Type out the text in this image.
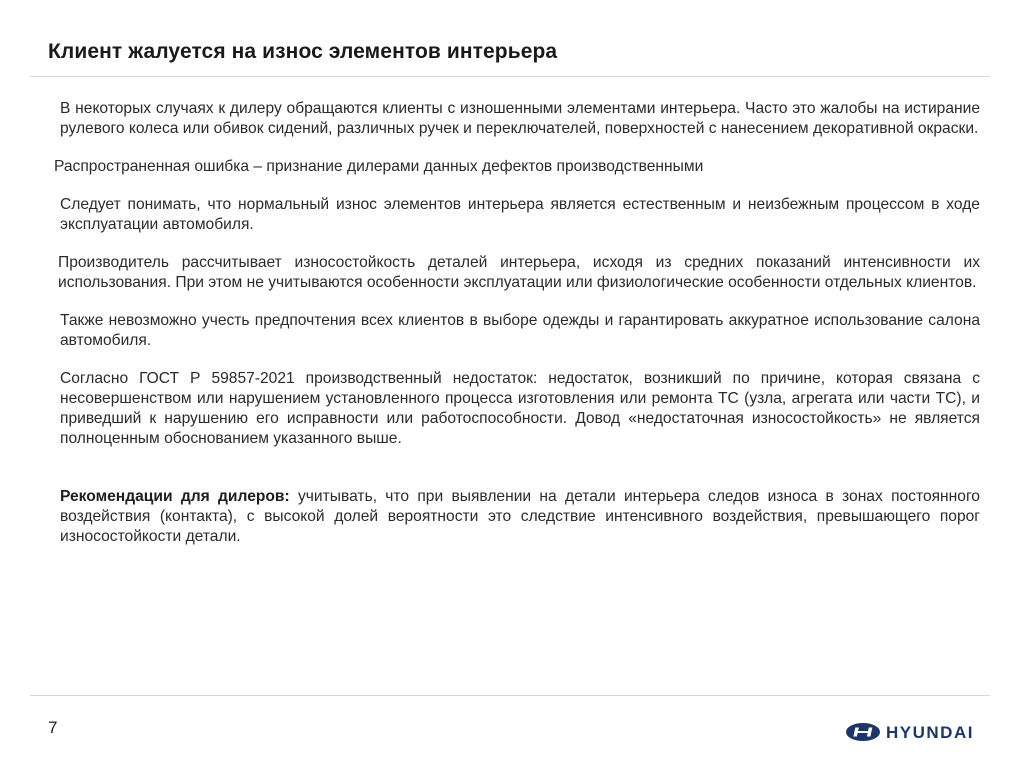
Клиент жалуется на износ элементов интерьера

В некоторых случаях к дилеру обращаются клиенты с изношенными элементами интерьера. Часто это жалобы на истирание рулевого колеса или обивок сидений, различных ручек и переключателей, поверхностей с нанесением декоративной окраски.

Распространенная ошибка – признание дилерами данных дефектов производственными

Следует понимать, что нормальный износ элементов интерьера является естественным и неизбежным процессом в ходе эксплуатации автомобиля.

Производитель рассчитывает износостойкость деталей интерьера, исходя из средних показаний интенсивности их использования. При этом не учитываются особенности эксплуатации или физиологические особенности отдельных клиентов.

Также невозможно учесть предпочтения всех клиентов в выборе одежды и гарантировать аккуратное использование салона автомобиля.

Согласно ГОСТ Р 59857-2021 производственный недостаток: недостаток, возникший по причине, которая связана с несовершенством или нарушением установленного процесса изготовления или ремонта ТС (узла, агрегата или части ТС), и приведший к нарушению его исправности или работоспособности. Довод «недостаточная износостойкость» не является полноценным обоснованием указанного выше.

Рекомендации для дилеров: учитывать, что при выявлении на детали интерьера следов износа в зонах постоянного воздействия (контакта), с высокой долей вероятности это следствие интенсивного воздействия, превышающего порог износостойкости детали.

7	HYUNDAI
